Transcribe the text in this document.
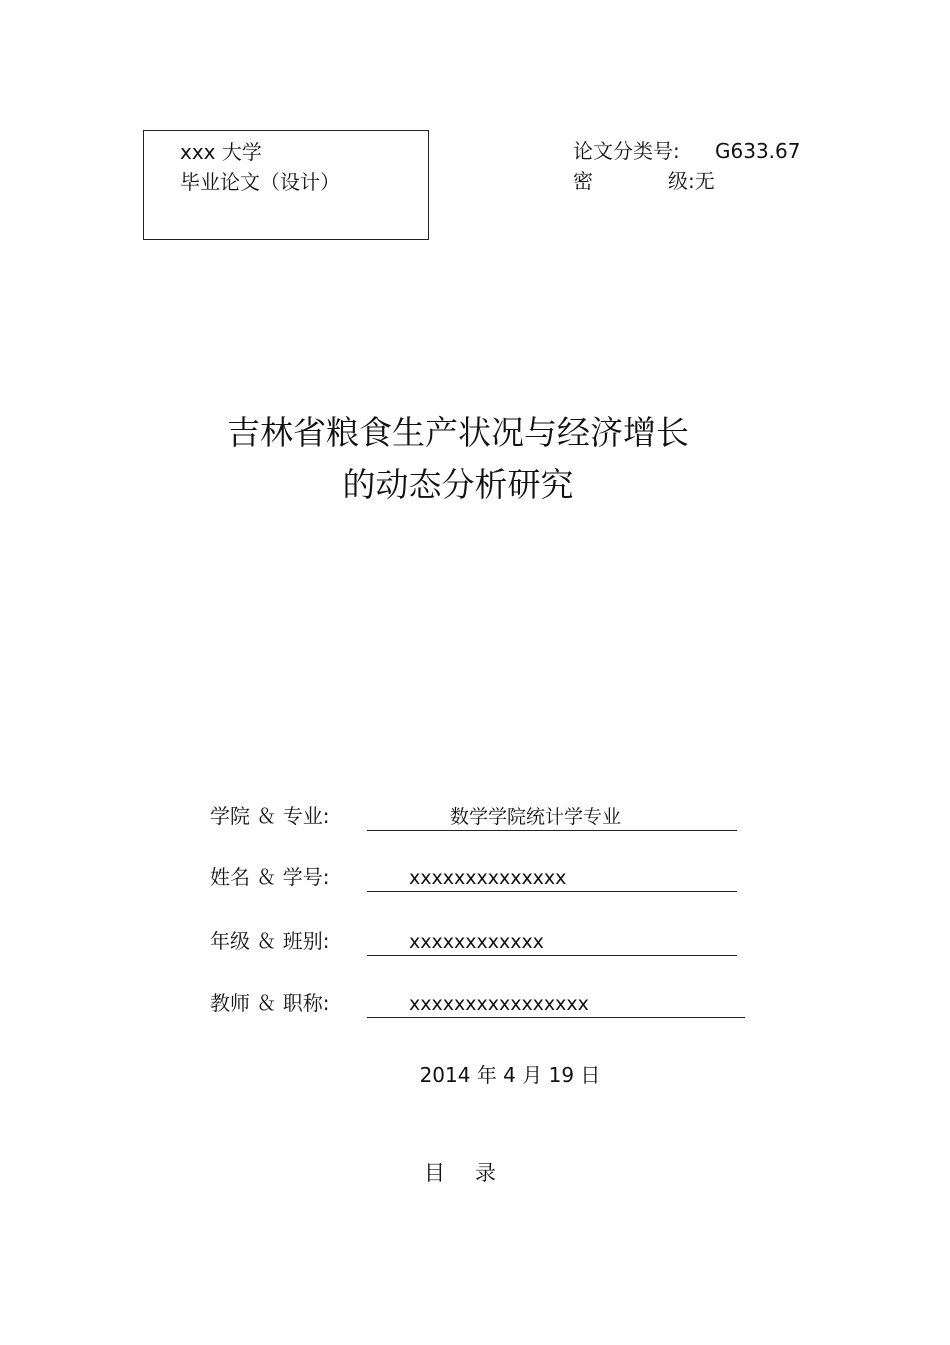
xxx 大学
毕业论文（设计）
论文分类号: G633.67
密	级:无
吉林省粮食生产状况与经济增长
的动态分析研究
学院 ＆ 专业:	数学学院统计学专业
姓名 ＆ 学号:	xxxxxxxxxxxxxx
年级 ＆ 班别:	xxxxxxxxxxxx
教师 ＆ 职称:	xxxxxxxxxxxxxxxx
2014 年 4 月 19 日
目录
